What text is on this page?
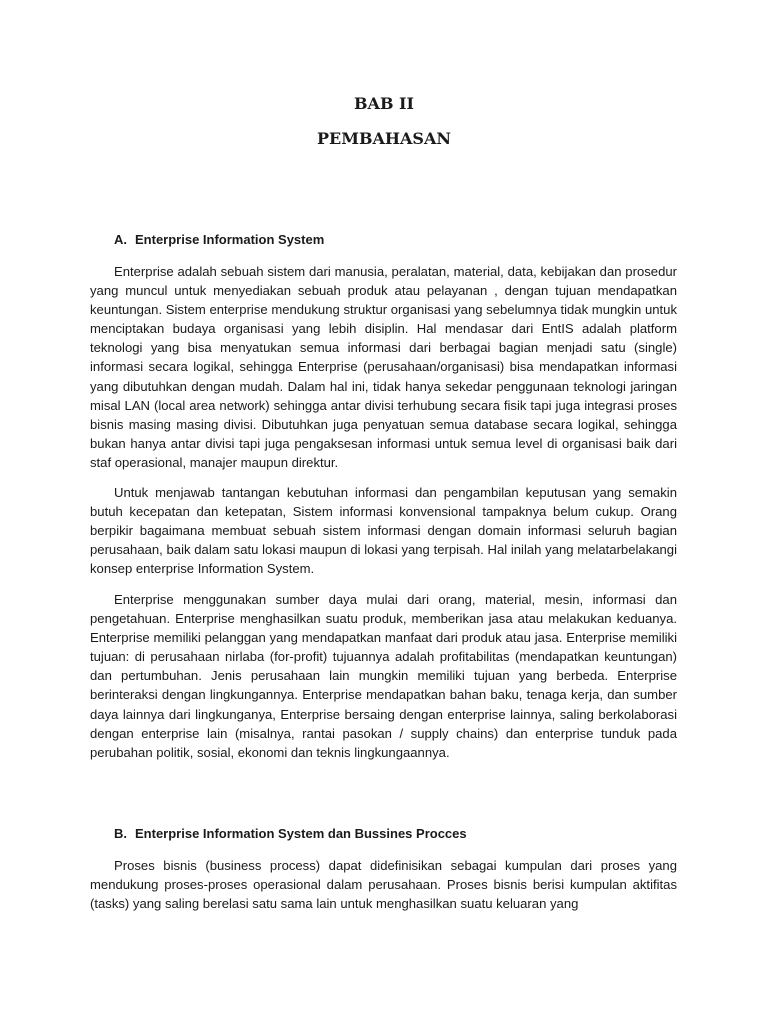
BAB II
PEMBAHASAN
A. Enterprise Information System

Enterprise adalah sebuah sistem dari manusia, peralatan, material, data, kebijakan dan prosedur yang muncul untuk menyediakan sebuah produk atau pelayanan , dengan tujuan mendapatkan keuntungan. Sistem enterprise mendukung struktur organisasi yang sebelumnya tidak mungkin untuk menciptakan budaya organisasi yang lebih disiplin. Hal mendasar dari EntIS adalah platform teknologi yang bisa menyatukan semua informasi dari berbagai bagian menjadi satu (single) informasi secara logikal, sehingga Enterprise (perusahaan/organisasi) bisa mendapatkan informasi yang dibutuhkan dengan mudah. Dalam hal ini, tidak hanya sekedar penggunaan teknologi jaringan misal LAN (local area network) sehingga antar divisi terhubung secara fisik tapi juga integrasi proses bisnis masing masing divisi. Dibutuhkan juga penyatuan semua database secara logikal, sehingga bukan hanya antar divisi tapi juga pengaksesan informasi untuk semua level di organisasi baik dari staf operasional, manajer maupun direktur.

Untuk menjawab tantangan kebutuhan informasi dan pengambilan keputusan yang semakin butuh kecepatan dan ketepatan, Sistem informasi konvensional tampaknya belum cukup. Orang berpikir bagaimana membuat sebuah sistem informasi dengan domain informasi seluruh bagian perusahaan, baik dalam satu lokasi maupun di lokasi yang terpisah. Hal inilah yang melatarbelakangi konsep enterprise Information System.

Enterprise menggunakan sumber daya mulai dari orang, material, mesin, informasi dan pengetahuan. Enterprise menghasilkan suatu produk, memberikan jasa atau melakukan keduanya. Enterprise memiliki pelanggan yang mendapatkan manfaat dari produk atau jasa. Enterprise memiliki tujuan: di perusahaan nirlaba (for-profit) tujuannya adalah profitabilitas (mendapatkan keuntungan) dan pertumbuhan. Jenis perusahaan lain mungkin memiliki tujuan yang berbeda. Enterprise berinteraksi dengan lingkungannya. Enterprise mendapatkan bahan baku, tenaga kerja, dan sumber daya lainnya dari lingkunganya, Enterprise bersaing dengan enterprise lainnya, saling berkolaborasi dengan enterprise lain (misalnya, rantai pasokan / supply chains) dan enterprise tunduk pada perubahan politik, sosial, ekonomi dan teknis lingkungaannya.

B. Enterprise Information System dan Bussines Procces

Proses bisnis (business process) dapat didefinisikan sebagai kumpulan dari proses yang mendukung proses-proses operasional dalam perusahaan. Proses bisnis berisi kumpulan aktifitas (tasks) yang saling berelasi satu sama lain untuk menghasilkan suatu keluaran yang
